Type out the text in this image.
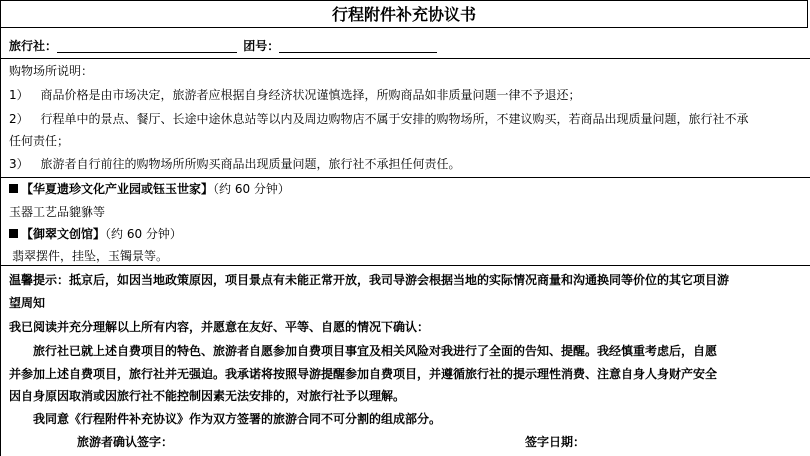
行程附件补充协议书
旅行社：	团号：
购物场所说明：
1） 商品价格是由市场决定，旅游者应根据自身经济状况谨慎选择，所购商品如非质量问题一律不予退还；
2） 行程单中的景点、餐厅、长途中途休息站等以内及周边购物店不属于安排的购物场所，不建议购买，若商品出现质量问题，旅行社不承
任何责任；
3） 旅游者自行前往的购物场所所购买商品出现质量问题，旅行社不承担任何责任。
【华夏遗珍文化产业园或钰玉世家】（约 60 分钟）
玉器工艺品貔貅等
【御翠文创馆】（约 60 分钟）
翡翠摆件，挂坠，玉镯景等。
温馨提示：抵京后，如因当地政策原因，项目景点有未能正常开放，我司导游会根据当地的实际情况商量和沟通换同等价位的其它项目游
望周知
我已阅读并充分理解以上所有内容，并愿意在友好、平等、自愿的情况下确认：
旅行社已就上述自费项目的特色、旅游者自愿参加自费项目事宜及相关风险对我进行了全面的告知、提醒。我经慎重考虑后，自愿
并参加上述自费项目，旅行社并无强迫。我承诺将按照导游提醒参加自费项目，并遵循旅行社的提示理性消费、注意自身人身财产安全
因自身原因取消或因旅行社不能控制因素无法安排的，对旅行社予以理解。
我同意《行程附件补充协议》作为双方签署的旅游合同不可分割的组成部分。
旅游者确认签字：	签字日期：
